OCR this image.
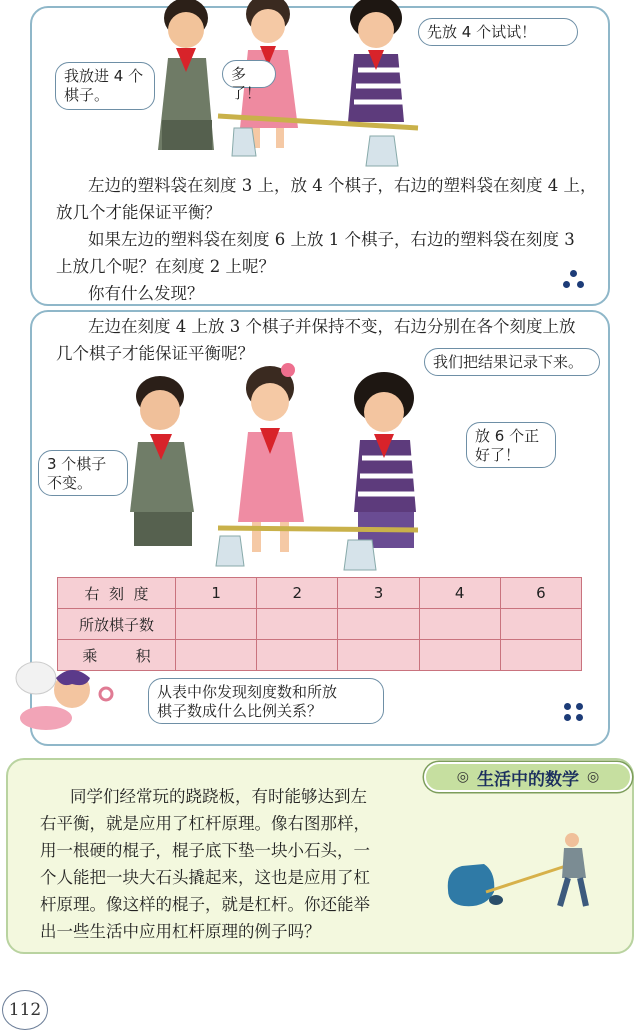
我放进 4 个
棋子。
多了！
先放 4 个试试！
左边的塑料袋在刻度 3 上，放 4 个棋子，右边的塑料袋在刻度 4 上，
放几个才能保证平衡？
如果左边的塑料袋在刻度 6 上放 1 个棋子，右边的塑料袋在刻度 3
上放几个呢？在刻度 2 上呢？
你有什么发现？
左边在刻度 4 上放 3 个棋子并保持不变，右边分别在各个刻度上放
几个棋子才能保证平衡呢？	我们把结果记录下来。
3 个棋子
不变。
放 6 个正
好了！
右  刻  度	1	2	3	4	6
所放棋子数					
乘        积					
从表中你发现刻度数和所放
棋子数成什么比例关系？
◎ 生活中的数学 ◎
同学们经常玩的跷跷板，有时能够达到左
右平衡，就是应用了杠杆原理。像右图那样，
用一根硬的棍子，棍子底下垫一块小石头，一
个人能把一块大石头撬起来，这也是应用了杠
杆原理。像这样的棍子，就是杠杆。你还能举
出一些生活中应用杠杆原理的例子吗？
112
